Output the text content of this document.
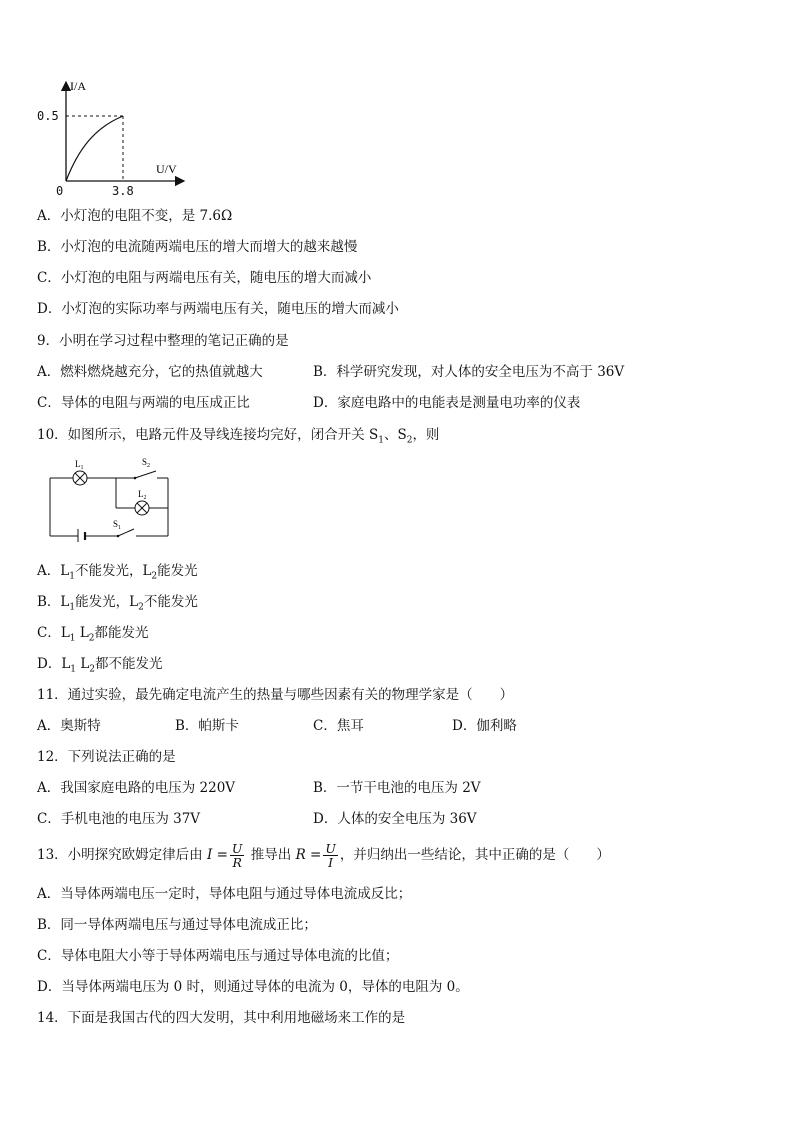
I/A
U/V
0.5
3.8
0
A．小灯泡的电阻不变，是 7.6Ω
B．小灯泡的电流随两端电压的增大而增大的越来越慢
C．小灯泡的电阻与两端电压有关，随电压的增大而减小
D．小灯泡的实际功率与两端电压有关，随电压的增大而减小
9．小明在学习过程中整理的笔记正确的是
A．燃料燃烧越充分，它的热值就越大	B．科学研究发现，对人体的安全电压为不高于 36V
C．导体的电阻与两端的电压成正比	D．家庭电路中的电能表是测量电功率的仪表
10．如图所示，电路元件及导线连接均完好，闭合开关 $S_1$、$S_2$，则
$L_1$
$S_2$
$L_2$
$S_1$
A．$L_1$不能发光，$L_2$能发光
B．$L_1$能发光，$L_2$不能发光
C．$L_1$ $L_2$都能发光
D．$L_1$ $L_2$都不能发光
11．通过实验，最先确定电流产生的热量与哪些因素有关的物理学家是（　　）
A．奥斯特	B．帕斯卡	C．焦耳	D．伽利略
12．下列说法正确的是
A．我国家庭电路的电压为 220V	B．一节干电池的电压为 2V
C．手机电池的电压为 37V	D．人体的安全电压为 36V
13．小明探究欧姆定律后由 $I = \frac{U}{R}$ 推导出 $R = \frac{U}{I}$ ，并归纳出一些结论，其中正确的是（　　）
A．当导体两端电压一定时，导体电阻与通过导体电流成反比；
B．同一导体两端电压与通过导体电流成正比；
C．导体电阻大小等于导体两端电压与通过导体电流的比值；
D．当导体两端电压为 0 时，则通过导体的电流为 0，导体的电阻为 0。
14．下面是我国古代的四大发明，其中利用地磁场来工作的是
